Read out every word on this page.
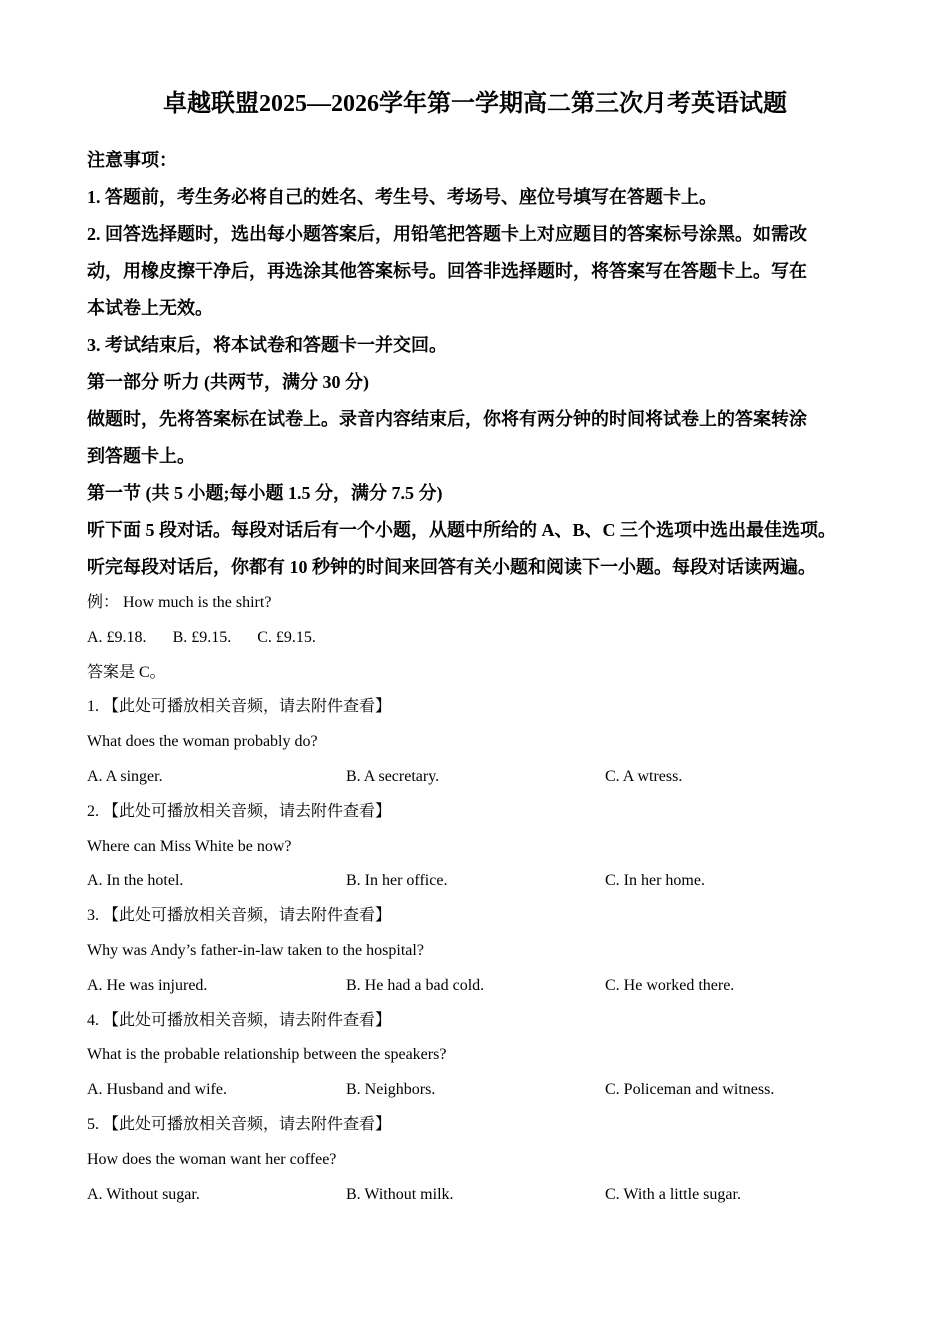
卓越联盟2025—2026学年第一学期高二第三次月考英语试题
注意事项：
1. 答题前，考生务必将自己的姓名、考生号、考场号、座位号填写在答题卡上。
2. 回答选择题时，选出每小题答案后，用铅笔把答题卡上对应题目的答案标号涂黑。如需改
动，用橡皮擦干净后，再选涂其他答案标号。回答非选择题时，将答案写在答题卡上。写在
本试卷上无效。
3. 考试结束后，将本试卷和答题卡一并交回。
第一部分 听力 (共两节，满分 30 分)
做题时，先将答案标在试卷上。录音内容结束后，你将有两分钟的时间将试卷上的答案转涂
到答题卡上。
第一节 (共 5 小题;每小题 1.5 分，满分 7.5 分)
听下面 5 段对话。每段对话后有一个小题，从题中所给的 A、B、C 三个选项中选出最佳选项。
听完每段对话后，你都有 10 秒钟的时间来回答有关小题和阅读下一小题。每段对话读两遍。
例： How much is the shirt?
A. £9.18. B. £9.15. C. £9.15.
答案是 C。
1. 【此处可播放相关音频，请去附件查看】
What does the woman probably do?
A. A singer.	B. A secretary.	C. A wtress.
2. 【此处可播放相关音频，请去附件查看】
Where can Miss White be now?
A. In the hotel.	B. In her office.	C. In her home.
3. 【此处可播放相关音频，请去附件查看】
Why was Andy’s father-in-law taken to the hospital?
A. He was injured.	B. He had a bad cold.	C. He worked there.
4. 【此处可播放相关音频，请去附件查看】
What is the probable relationship between the speakers?
A. Husband and wife.	B. Neighbors.	C. Policeman and witness.
5. 【此处可播放相关音频，请去附件查看】
How does the woman want her coffee?
A. Without sugar.	B. Without milk.	C. With a little sugar.
